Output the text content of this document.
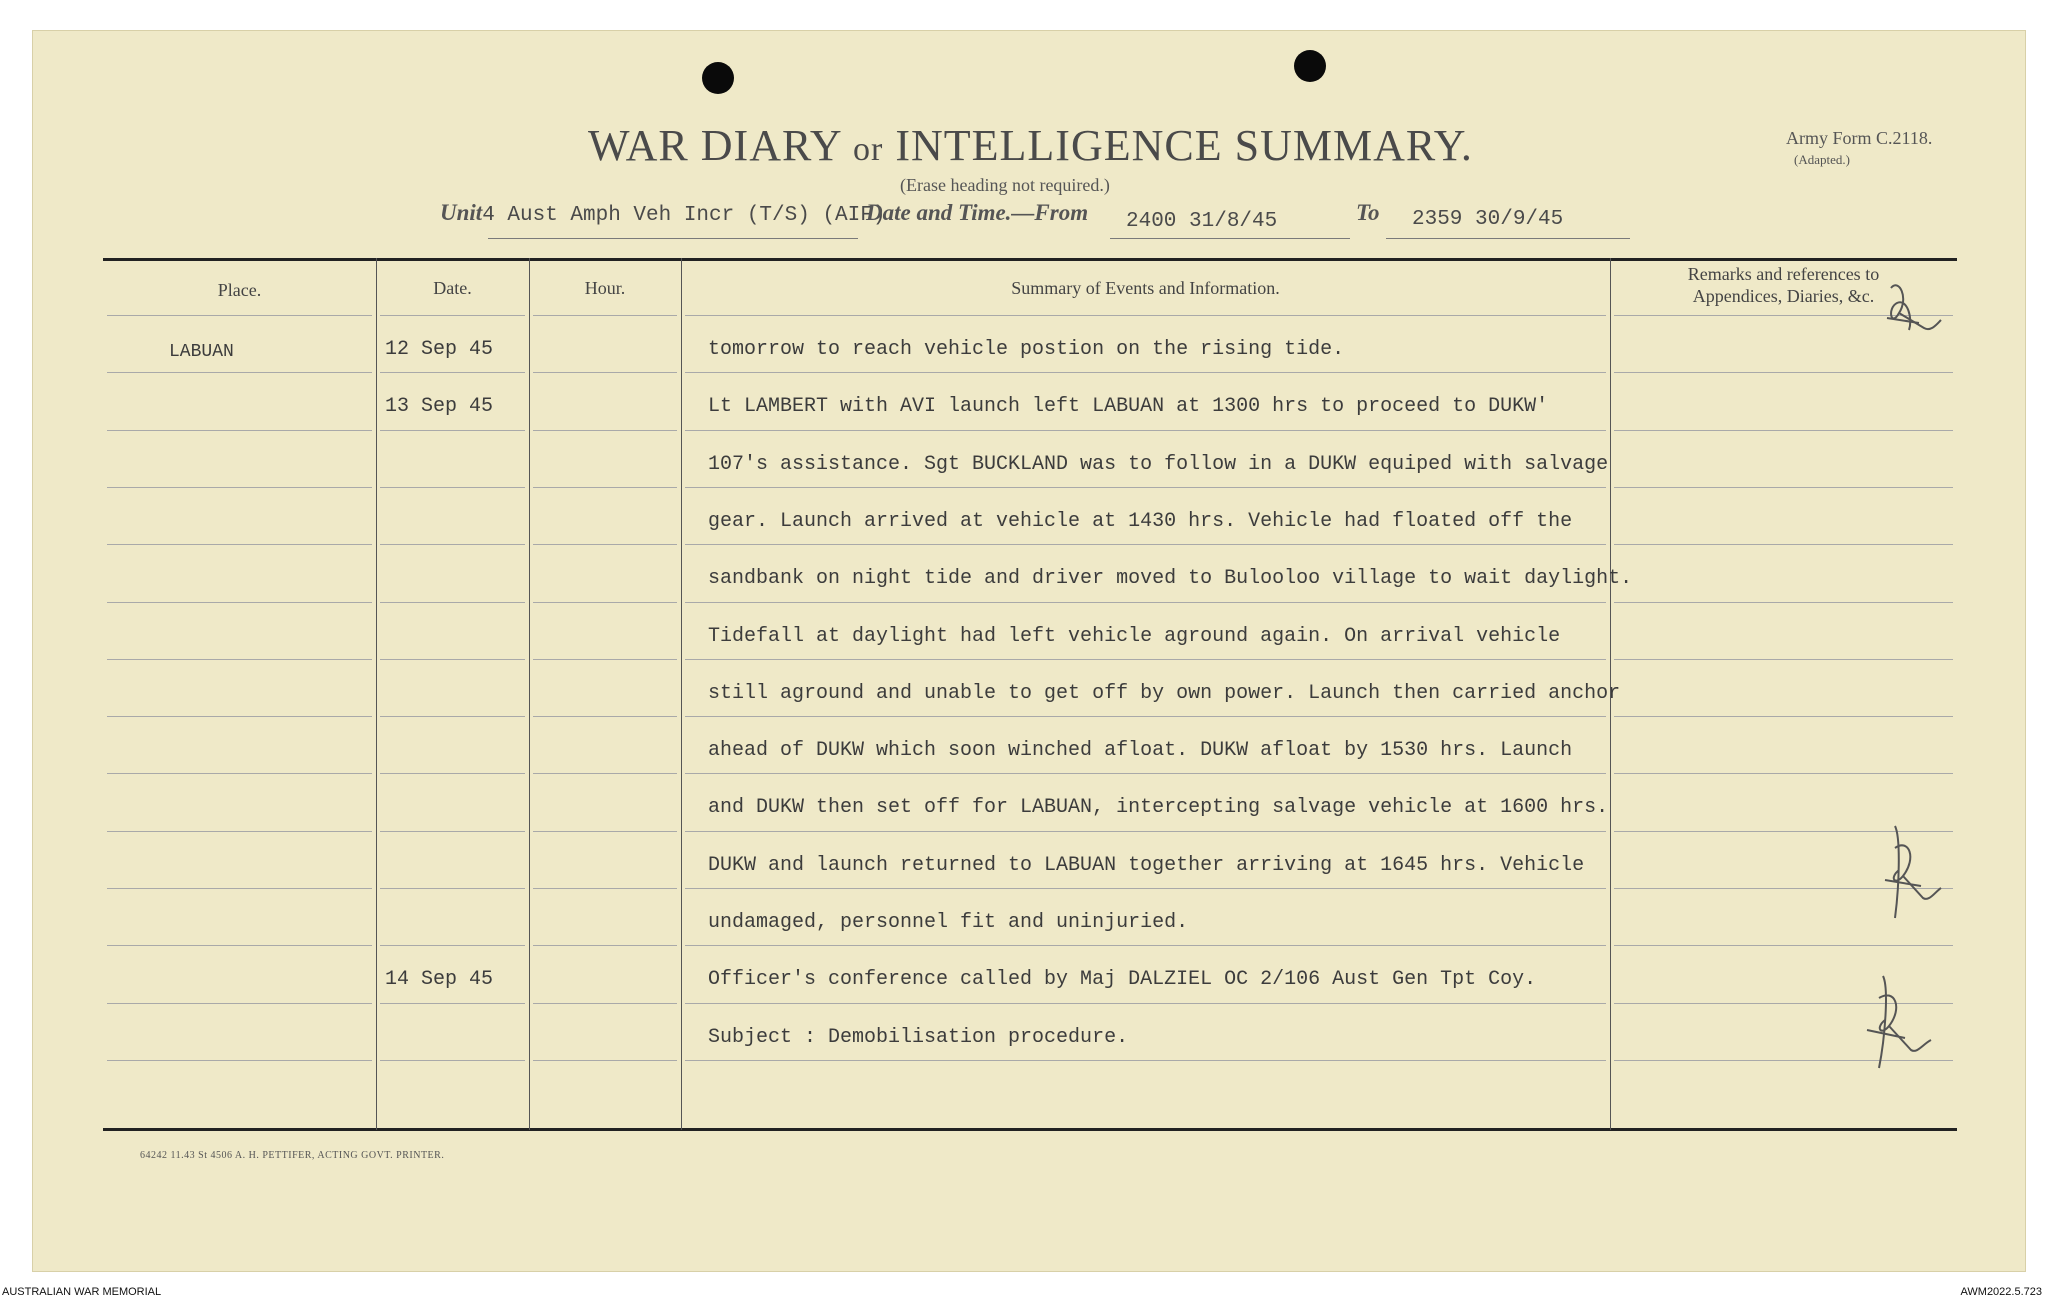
WAR DIARY or INTELLIGENCE SUMMARY.
(Erase heading not required.)
Army Form C.2118.
(Adapted.)
Unit4 Aust Amph Veh Incr (T/S) (AIF)
Date and Time.—From 2400 31/8/45	To 2359 30/9/45
Place.	Date.	Hour.	Summary of Events and Information.
Remarks and references to
Appendices, Diaries, &c.
LABUAN	12 Sep 45	tomorrow to reach vehicle postion on the rising tide.
13 Sep 45	Lt LAMBERT with AVI launch left LABUAN at 1300 hrs to proceed to DUKW'
107's assistance. Sgt BUCKLAND was to follow in a DUKW equiped with salvage
gear. Launch arrived at vehicle at 1430 hrs. Vehicle had floated off the
sandbank on night tide and driver moved to Bulooloo village to wait daylight.
Tidefall at daylight had left vehicle aground again. On arrival vehicle
still aground and unable to get off by own power. Launch then carried anchor
ahead of DUKW which soon winched afloat. DUKW afloat by 1530 hrs. Launch
and DUKW then set off for LABUAN, intercepting salvage vehicle at 1600 hrs.
DUKW and launch returned to LABUAN together arriving at 1645 hrs. Vehicle
undamaged, personnel fit and uninjuried.
14 Sep 45	Officer's conference called by Maj DALZIEL OC 2/106 Aust Gen Tpt Coy.
Subject : Demobilisation procedure.
64242 11.43 St 4506 A. H. PETTIFER, ACTING GOVT. PRINTER.
AUSTRALIAN WAR MEMORIAL	AWM2022.5.723
